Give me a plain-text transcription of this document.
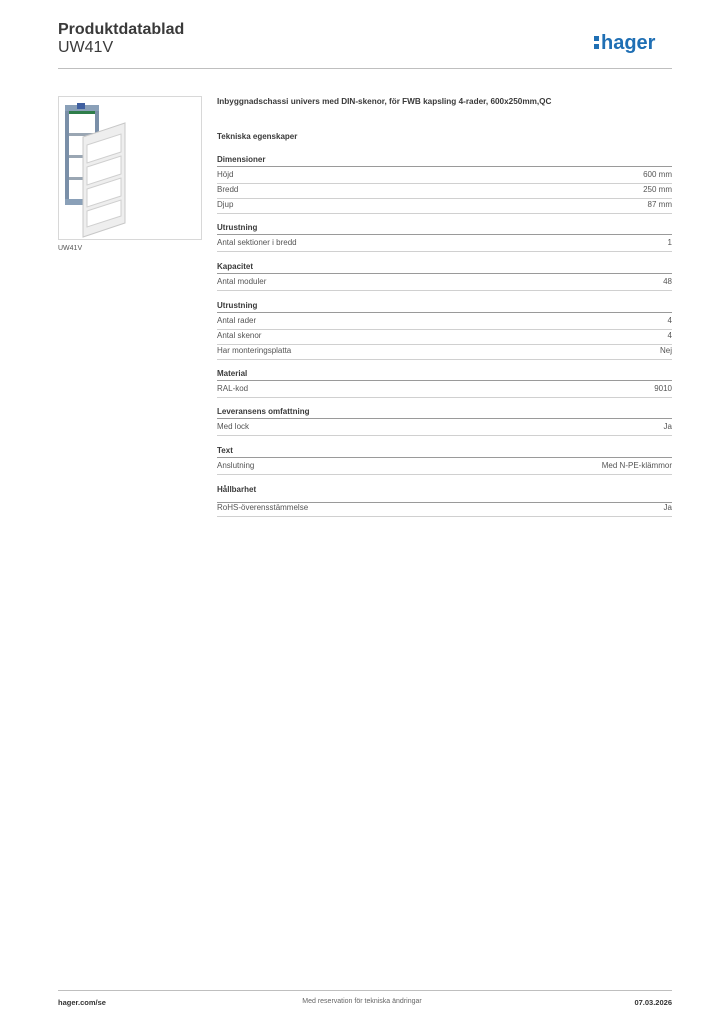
Produktdatablad
UW41V	hager
UW41V
Inbyggnadschassi univers med DIN-skenor, för FWB kapsling 4-rader, 600x250mm,QC
Tekniska egenskaper
Dimensioner
Höjd	600 mm
Bredd	250 mm
Djup	87 mm
Utrustning
Antal sektioner i bredd	1
Kapacitet
Antal moduler	48
Utrustning
Antal rader	4
Antal skenor	4
Har monteringsplatta	Nej
Material
RAL-kod	9010
Leveransens omfattning
Med lock	Ja
Text
Anslutning	Med N-PE-klämmor
Hållbarhet
RoHS-överensstämmelse	Ja
hager.com/se	Med reservation för tekniska ändringar	07.03.2026
